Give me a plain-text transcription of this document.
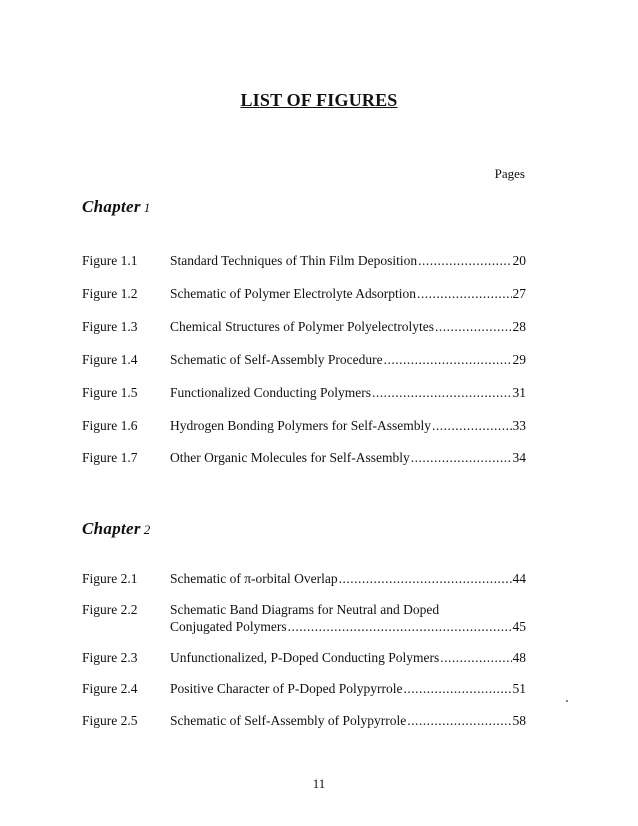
LIST OF FIGURES
Pages
Chapter 1
Figure 1.1	Standard Techniques of Thin Film Deposition .....	20
Figure 1.2	Schematic of Polymer Electrolyte Adsorption .....	27
Figure 1.3	Chemical Structures of Polymer Polyelectrolytes .....	28
Figure 1.4	Schematic of Self-Assembly Procedure .....	29
Figure 1.5	Functionalized Conducting Polymers .....	31
Figure 1.6	Hydrogen Bonding Polymers for Self-Assembly .....	33
Figure 1.7	Other Organic Molecules for Self-Assembly .....	34
Chapter 2
Figure 2.1	Schematic of π-orbital Overlap .....	44
Figure 2.2	Schematic Band Diagrams for Neutral and Doped
Conjugated Polymers .....	45
Figure 2.3	Unfunctionalized, P-Doped Conducting Polymers .....	48
Figure 2.4	Positive Character of P-Doped Polypyrrole .....	51
Figure 2.5	Schematic of Self-Assembly of Polypyrrole .....	58
11
